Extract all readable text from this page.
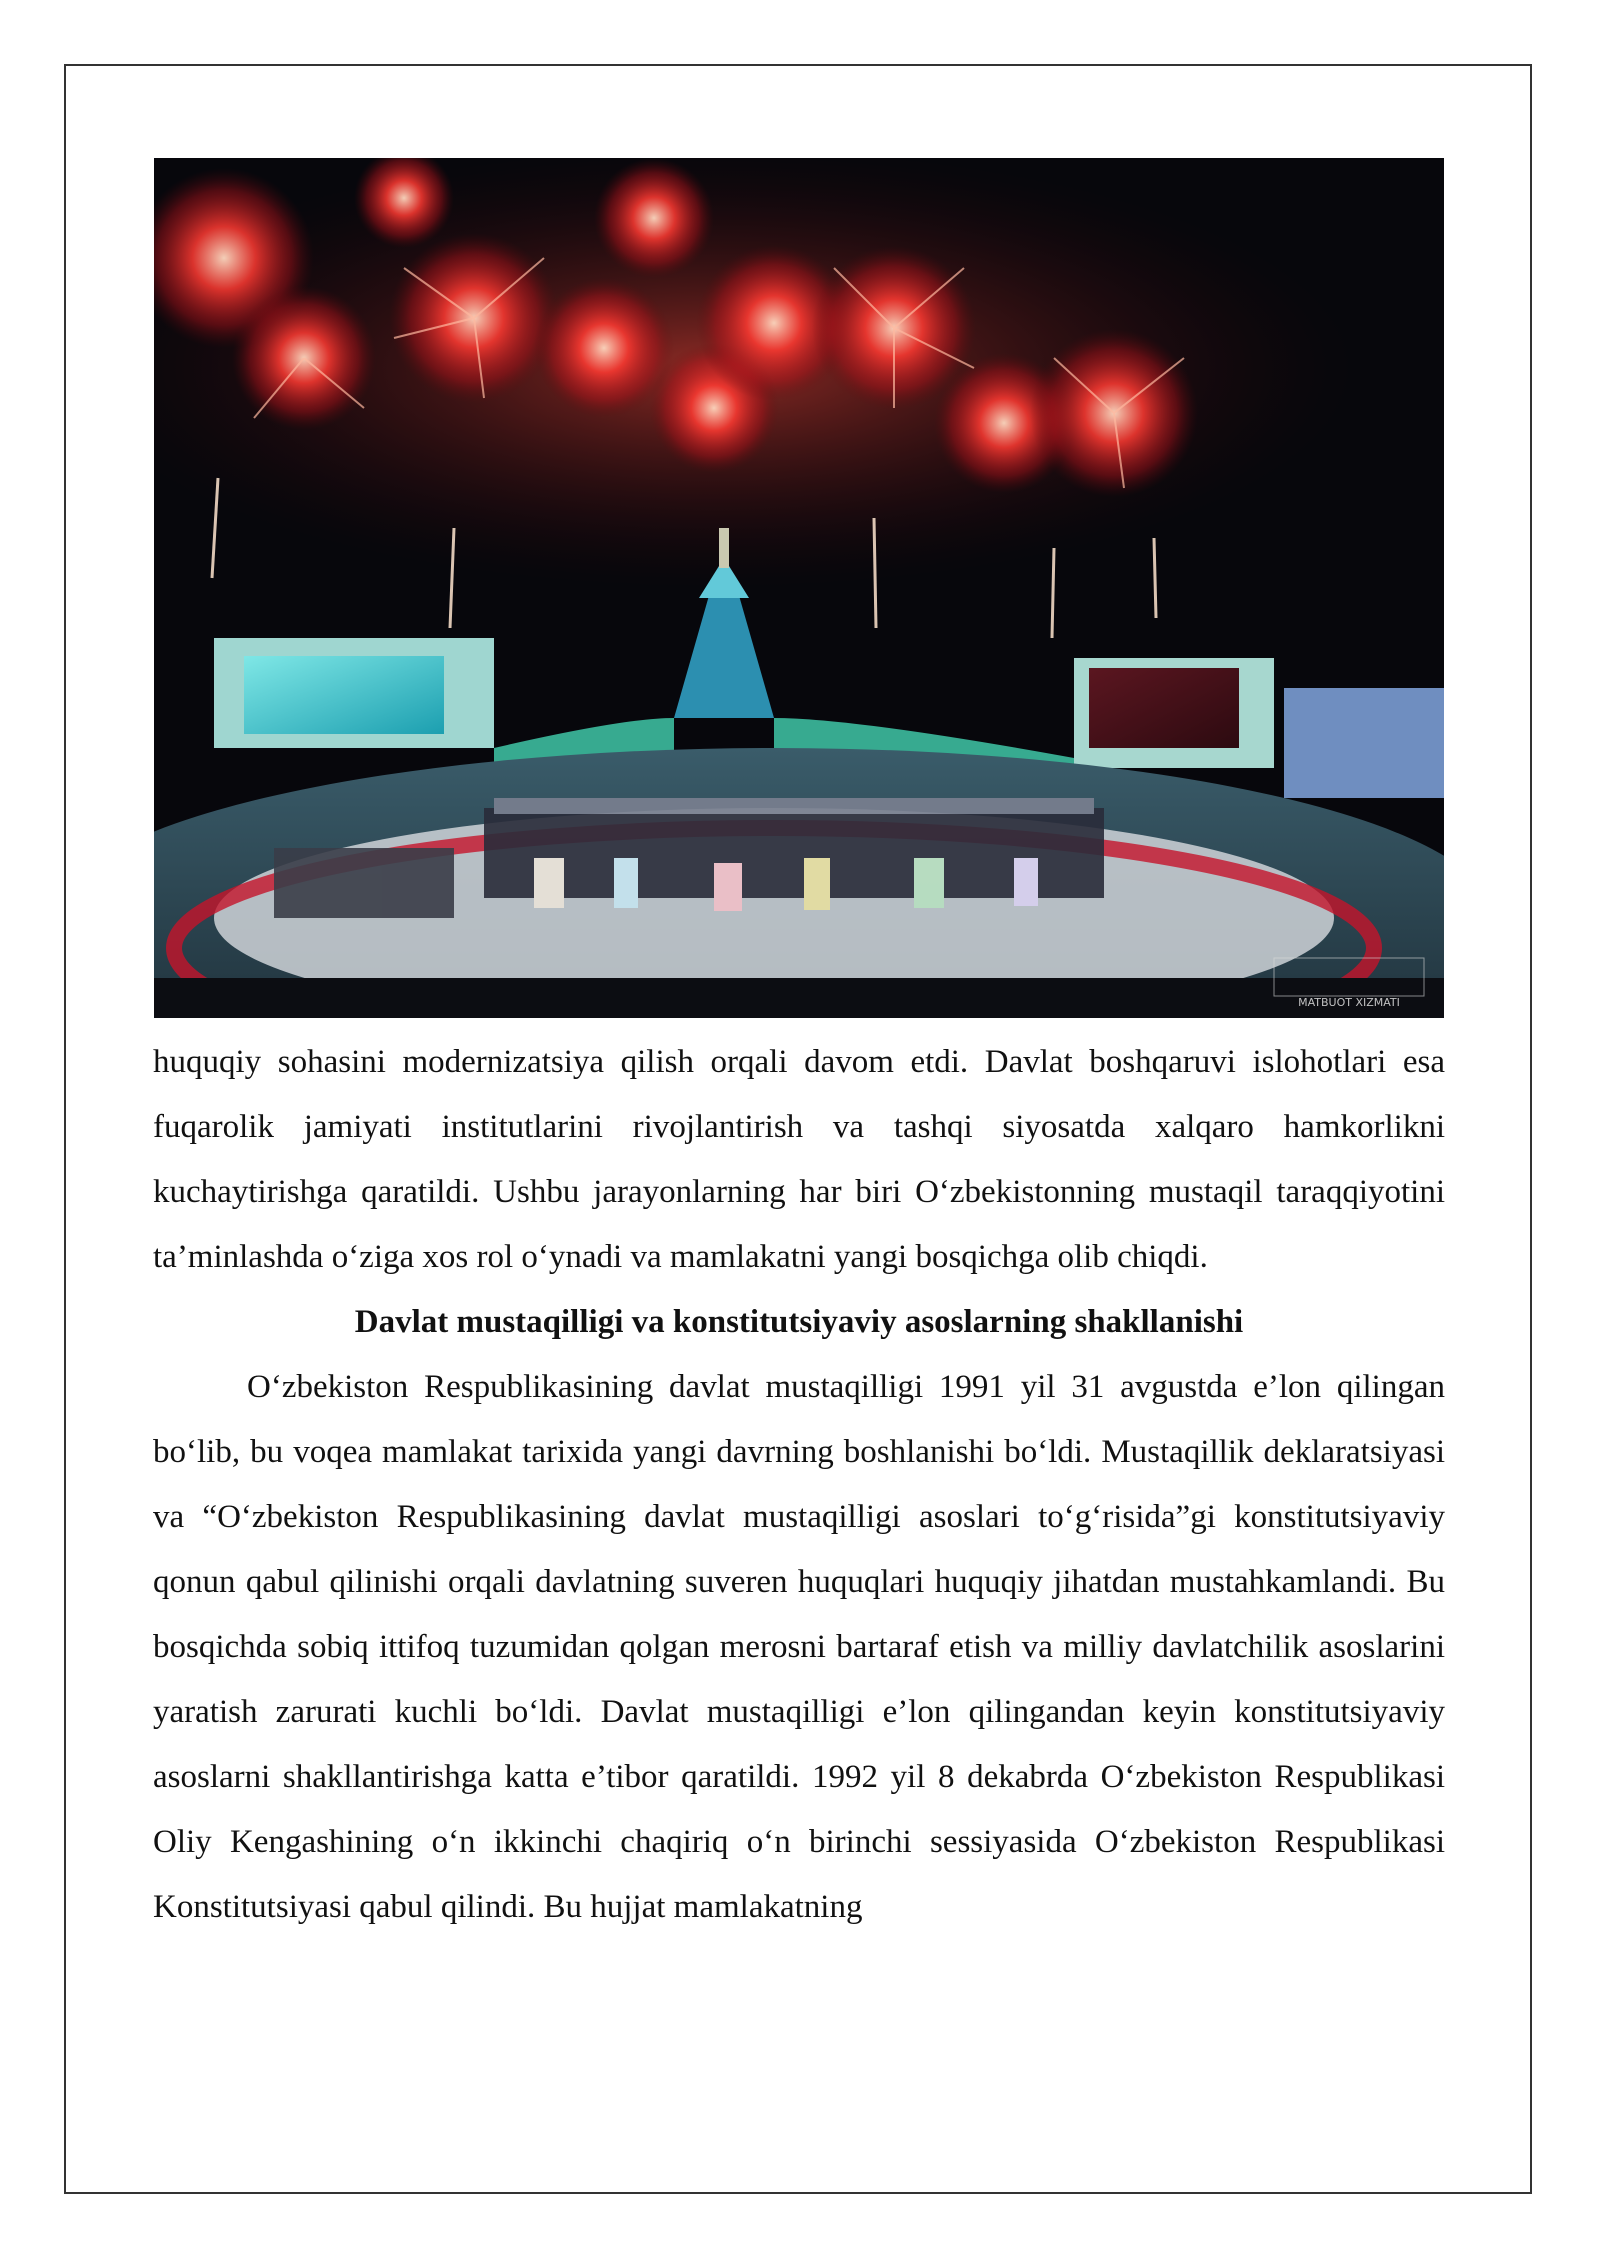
MATBUOT XIZMATI

huquqiy sohasini modernizatsiya qilish orqali davom etdi. Davlat boshqaruvi islohotlari esa fuqarolik jamiyati institutlarini rivojlantirish va tashqi siyosatda xalqaro hamkorlikni kuchaytirishga qaratildi. Ushbu jarayonlarning har biri O‘zbekistonning mustaqil taraqqiyotini ta’minlashda o‘ziga xos rol o‘ynadi va mamlakatni yangi bosqichga olib chiqdi.

Davlat mustaqilligi va konstitutsiyaviy asoslarning shakllanishi

O‘zbekiston Respublikasining davlat mustaqilligi 1991 yil 31 avgustda e’lon qilingan bo‘lib, bu voqea mamlakat tarixida yangi davrning boshlanishi bo‘ldi. Mustaqillik deklaratsiyasi va “O‘zbekiston Respublikasining davlat mustaqilligi asoslari to‘g‘risida”gi konstitutsiyaviy qonun qabul qilinishi orqali davlatning suveren huquqlari huquqiy jihatdan mustahkamlandi. Bu bosqichda sobiq ittifoq tuzumidan qolgan merosni bartaraf etish va milliy davlatchilik asoslarini yaratish zarurati kuchli bo‘ldi. Davlat mustaqilligi e’lon qilingandan keyin konstitutsiyaviy asoslarni shakllantirishga katta e’tibor qaratildi. 1992 yil 8 dekabrda O‘zbekiston Respublikasi Oliy Kengashining o‘n ikkinchi chaqiriq o‘n birinchi sessiyasida O‘zbekiston Respublikasi Konstitutsiyasi qabul qilindi. Bu hujjat mamlakatning
